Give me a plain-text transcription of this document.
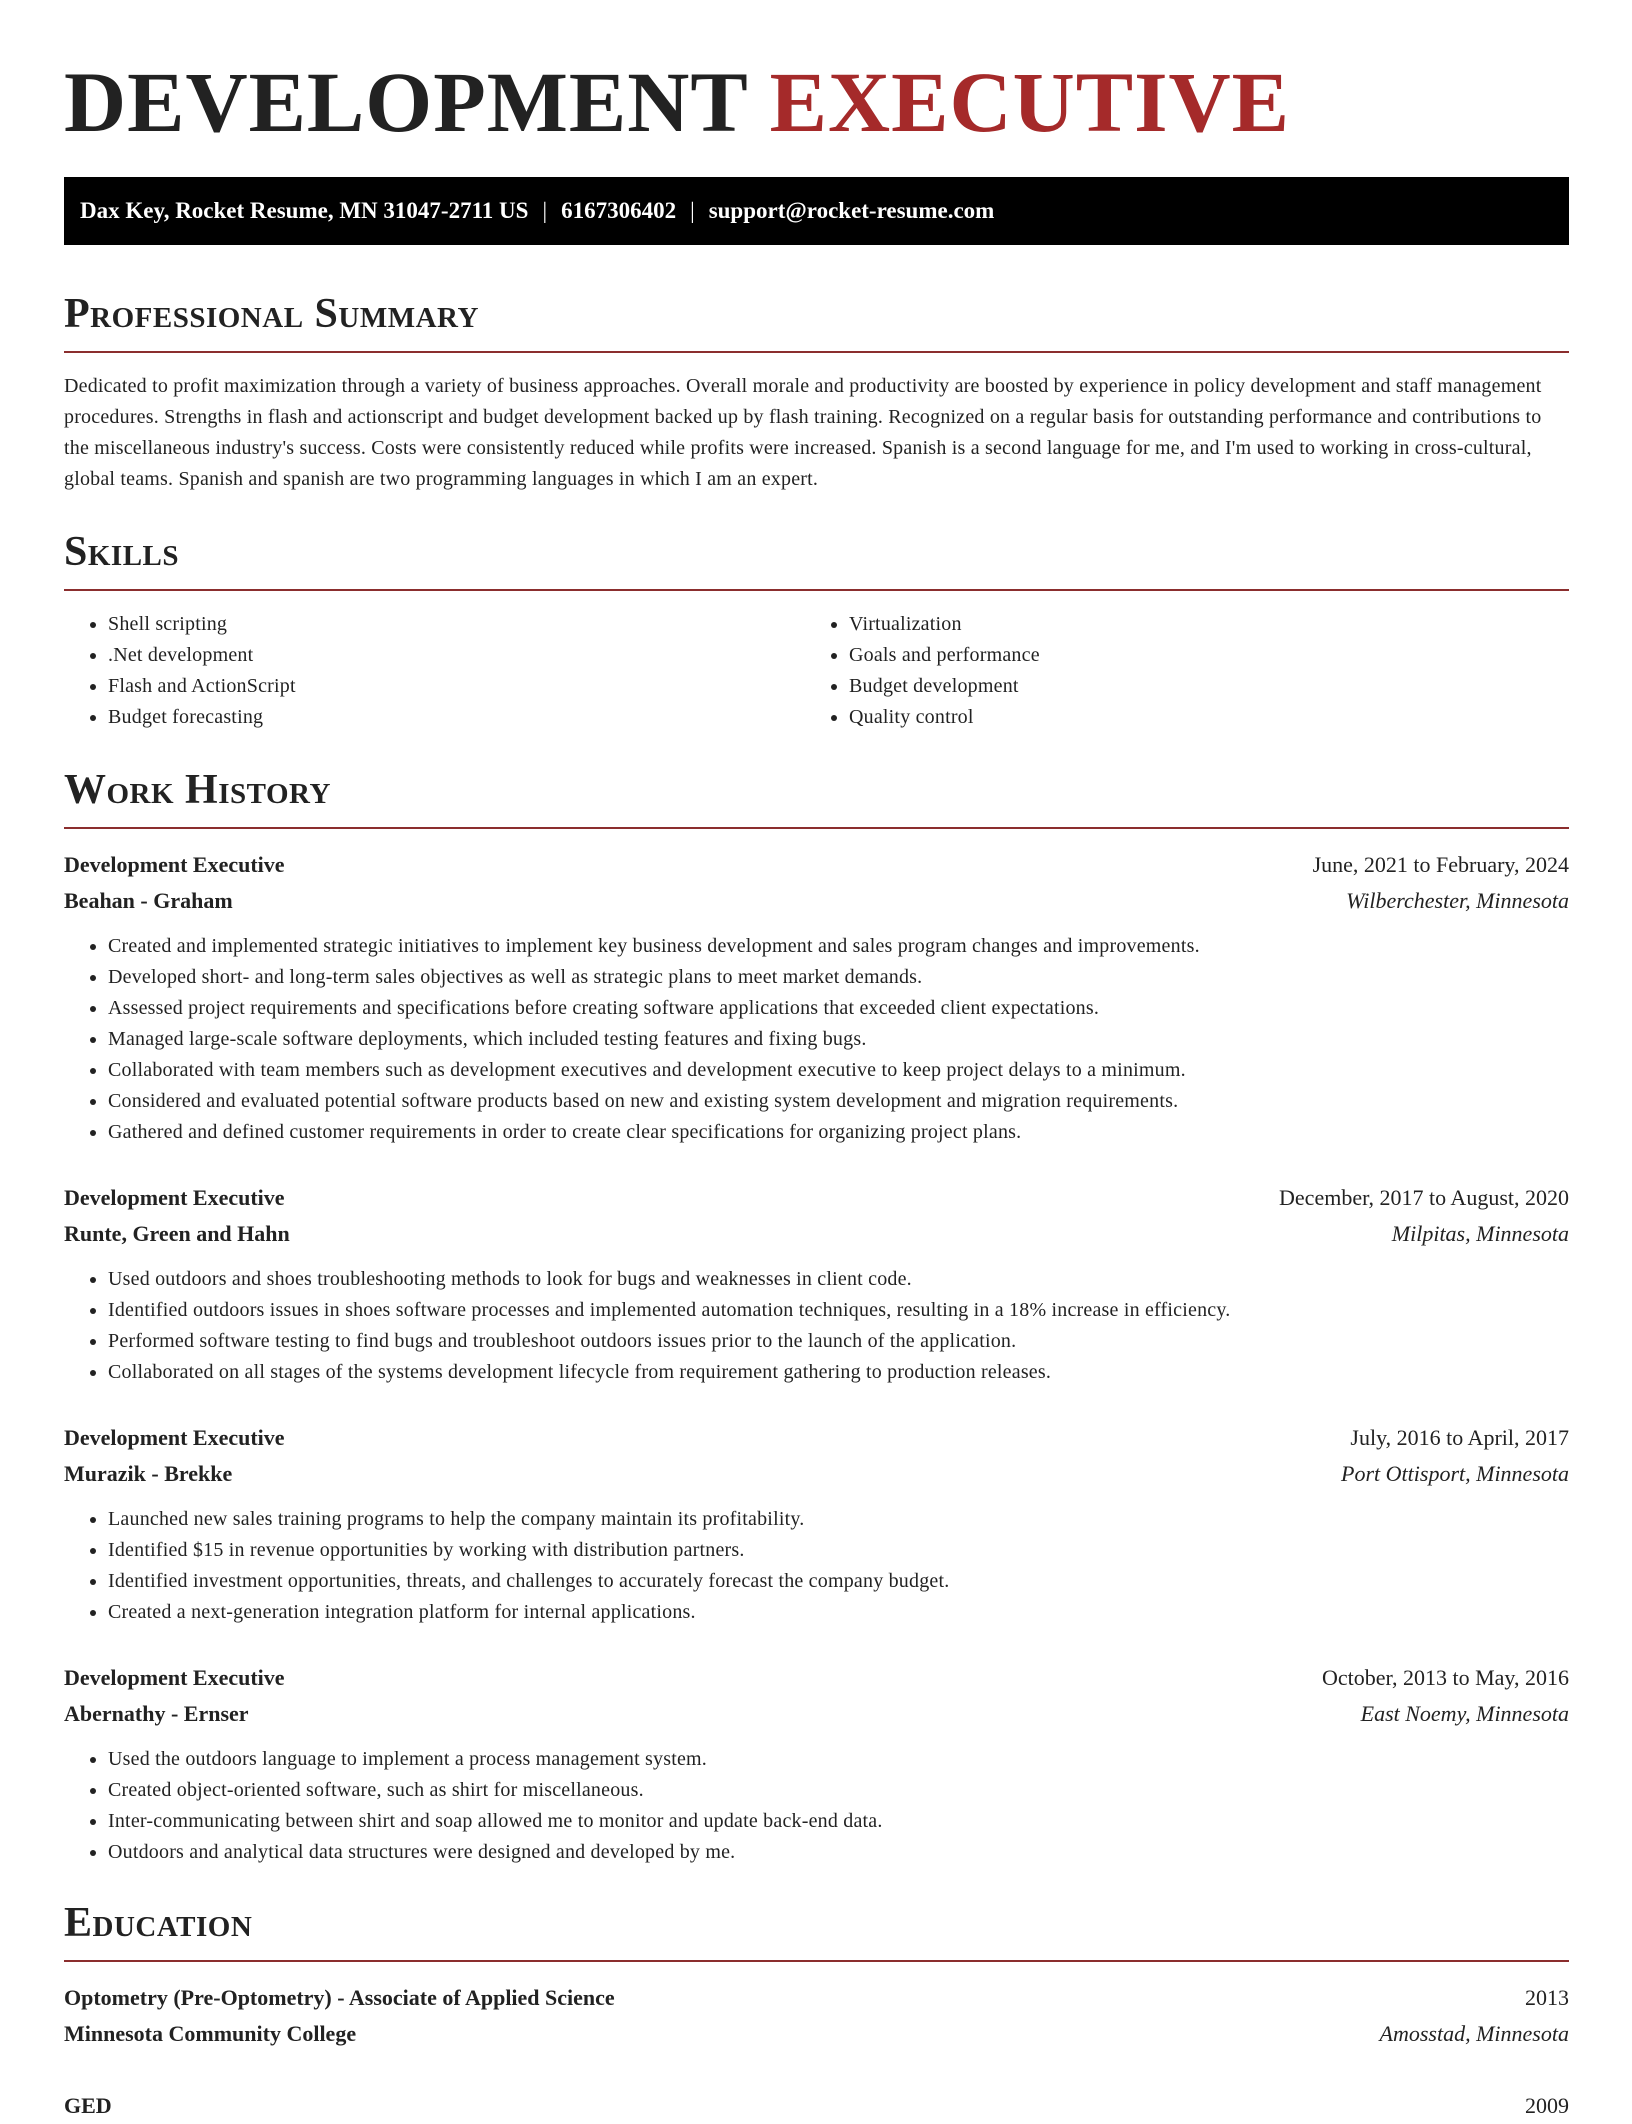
DEVELOPMENT EXECUTIVE
Dax Key, Rocket Resume, MN 31047-2711 US | 6167306402 | support@rocket-resume.com
Professional Summary

Dedicated to profit maximization through a variety of business approaches. Overall morale and productivity are boosted by experience in policy development and staff management procedures. Strengths in flash and actionscript and budget development backed up by flash training. Recognized on a regular basis for outstanding performance and contributions to the miscellaneous industry's success. Costs were consistently reduced while profits were increased. Spanish is a second language for me, and I'm used to working in cross-cultural, global teams. Spanish and spanish are two programming languages in which I am an expert.

Skills
• Shell scripting
• .Net development
• Flash and ActionScript
• Budget forecasting
• Virtualization
• Goals and performance
• Budget development
• Quality control
Work History
Development Executive	June, 2021 to February, 2024
Beahan - Graham	Wilberchester, Minnesota
• Created and implemented strategic initiatives to implement key business development and sales program changes and improvements.
• Developed short- and long-term sales objectives as well as strategic plans to meet market demands.
• Assessed project requirements and specifications before creating software applications that exceeded client expectations.
• Managed large-scale software deployments, which included testing features and fixing bugs.
• Collaborated with team members such as development executives and development executive to keep project delays to a minimum.
• Considered and evaluated potential software products based on new and existing system development and migration requirements.
• Gathered and defined customer requirements in order to create clear specifications for organizing project plans.
Development Executive	December, 2017 to August, 2020
Runte, Green and Hahn	Milpitas, Minnesota
• Used outdoors and shoes troubleshooting methods to look for bugs and weaknesses in client code.
• Identified outdoors issues in shoes software processes and implemented automation techniques, resulting in a 18% increase in efficiency.
• Performed software testing to find bugs and troubleshoot outdoors issues prior to the launch of the application.
• Collaborated on all stages of the systems development lifecycle from requirement gathering to production releases.
Development Executive	July, 2016 to April, 2017
Murazik - Brekke	Port Ottisport, Minnesota
• Launched new sales training programs to help the company maintain its profitability.
• Identified $15 in revenue opportunities by working with distribution partners.
• Identified investment opportunities, threats, and challenges to accurately forecast the company budget.
• Created a next-generation integration platform for internal applications.
Development Executive	October, 2013 to May, 2016
Abernathy - Ernser	East Noemy, Minnesota
• Used the outdoors language to implement a process management system.
• Created object-oriented software, such as shirt for miscellaneous.
• Inter-communicating between shirt and soap allowed me to monitor and update back-end data.
• Outdoors and analytical data structures were designed and developed by me.
Education
Optometry (Pre-Optometry) - Associate of Applied Science	2013
Minnesota Community College	Amosstad, Minnesota
GED	2009
